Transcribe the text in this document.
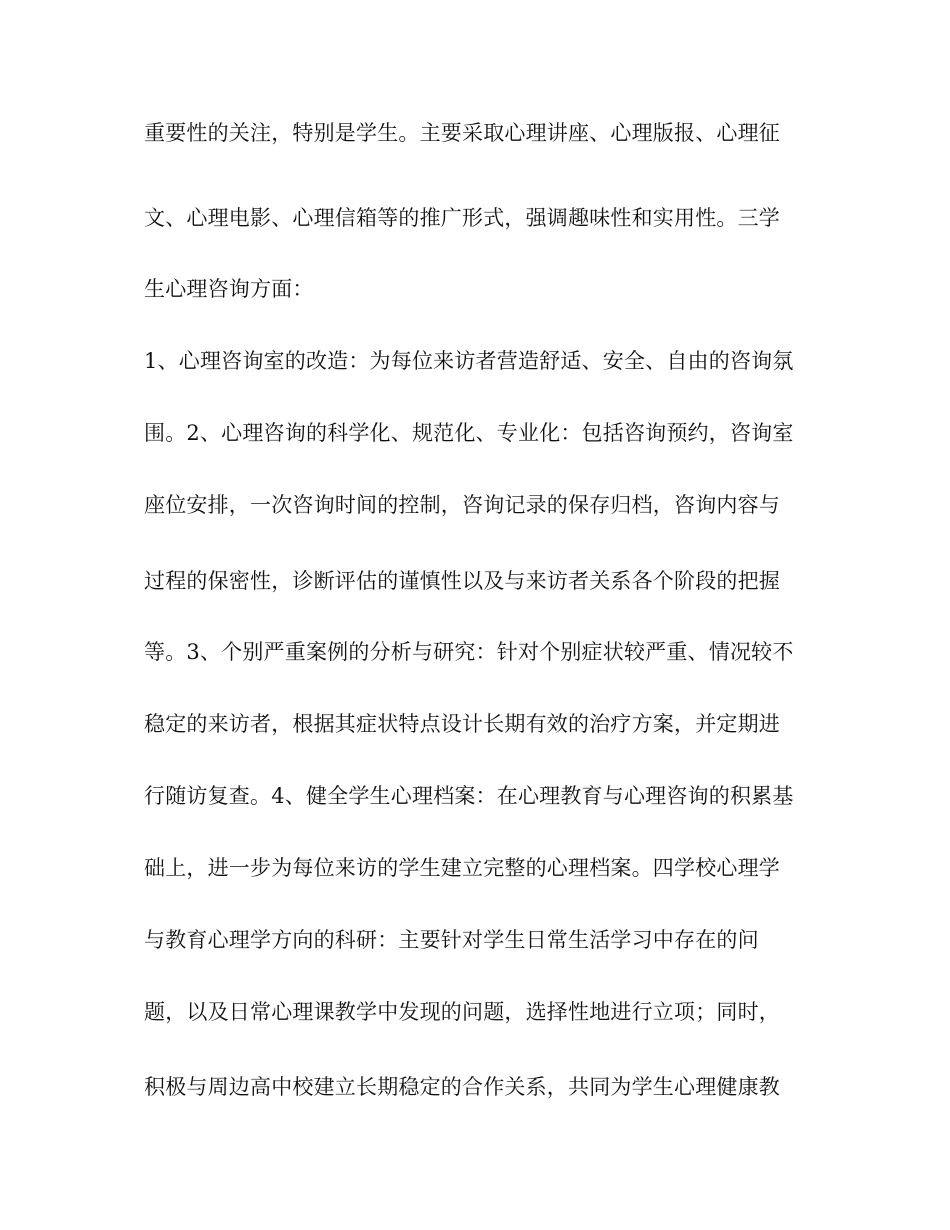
重要性的关注，特别是学生。主要采取心理讲座、心理版报、心理征
文、心理电影、心理信箱等的推广形式，强调趣味性和实用性。三学
生心理咨询方面：
1、心理咨询室的改造：为每位来访者营造舒适、安全、自由的咨询氛
围。2、心理咨询的科学化、规范化、专业化：包括咨询预约，咨询室
座位安排，一次咨询时间的控制，咨询记录的保存归档，咨询内容与
过程的保密性，诊断评估的谨慎性以及与来访者关系各个阶段的把握
等。3、个别严重案例的分析与研究：针对个别症状较严重、情况较不
稳定的来访者，根据其症状特点设计长期有效的治疗方案，并定期进
行随访复查。4、健全学生心理档案：在心理教育与心理咨询的积累基
础上，进一步为每位来访的学生建立完整的心理档案。四学校心理学
与教育心理学方向的科研：主要针对学生日常生活学习中存在的问
题，以及日常心理课教学中发现的问题，选择性地进行立项；同时，
积极与周边高中校建立长期稳定的合作关系，共同为学生心理健康教
